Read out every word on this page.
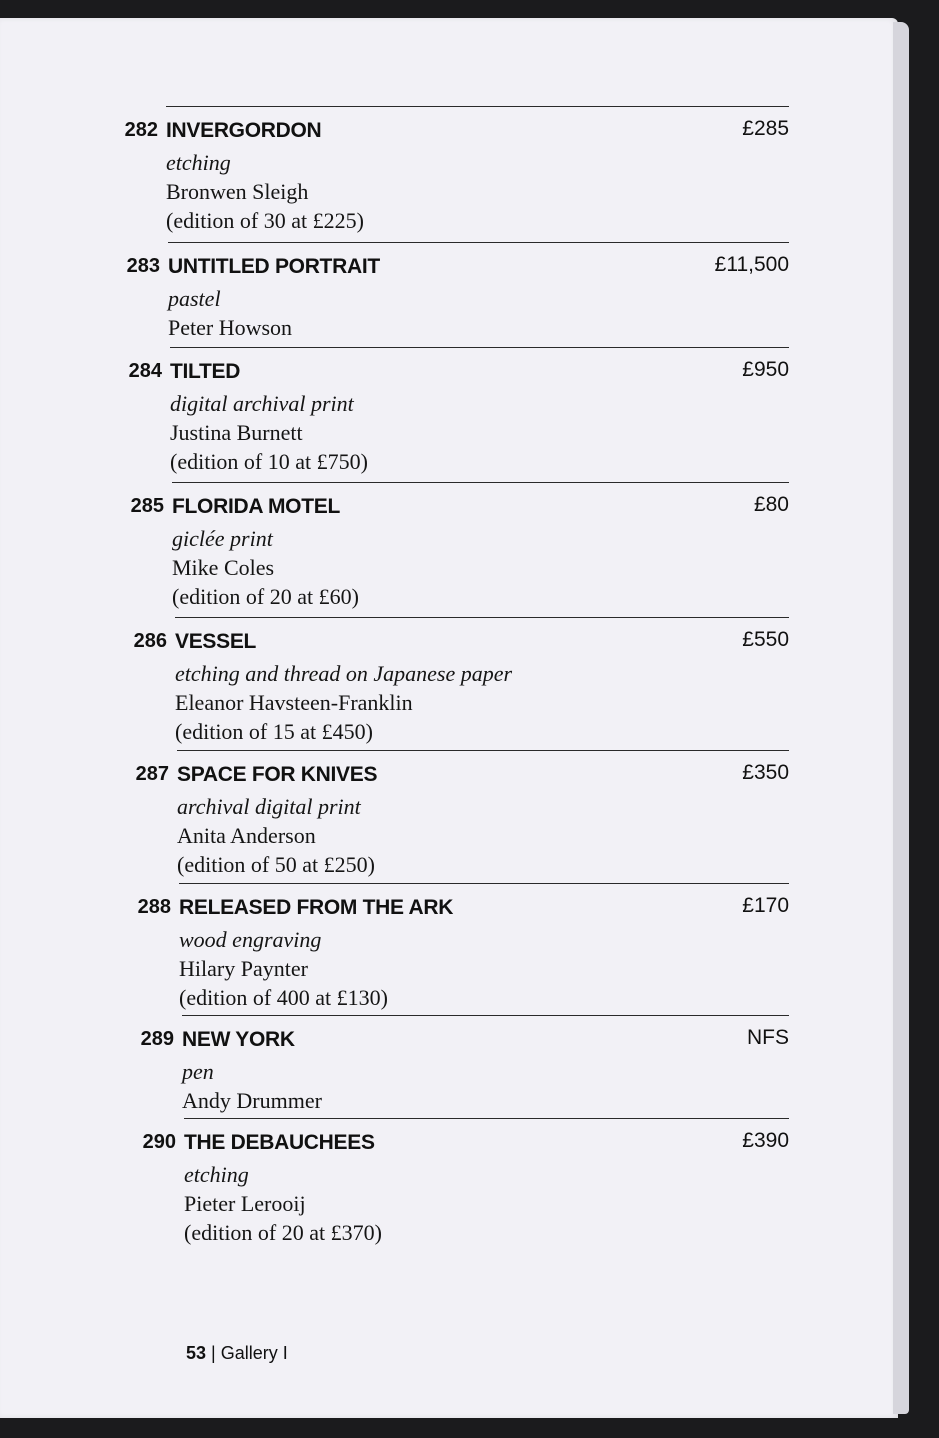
282 INVERGORDON	£285
etching
Bronwen Sleigh
(edition of 30 at £225)
283 UNTITLED PORTRAIT	£11,500
pastel
Peter Howson
284 TILTED	£950
digital archival print
Justina Burnett
(edition of 10 at £750)
285 FLORIDA MOTEL	£80
giclée print
Mike Coles
(edition of 20 at £60)
286 VESSEL	£550
etching and thread on Japanese paper
Eleanor Havsteen-Franklin
(edition of 15 at £450)
287 SPACE FOR KNIVES	£350
archival digital print
Anita Anderson
(edition of 50 at £250)
288 RELEASED FROM THE ARK	£170
wood engraving
Hilary Paynter
(edition of 400 at £130)
289 NEW YORK	NFS
pen
Andy Drummer
290 THE DEBAUCHEES	£390
etching
Pieter Lerooij
(edition of 20 at £370)
53 | Gallery I
